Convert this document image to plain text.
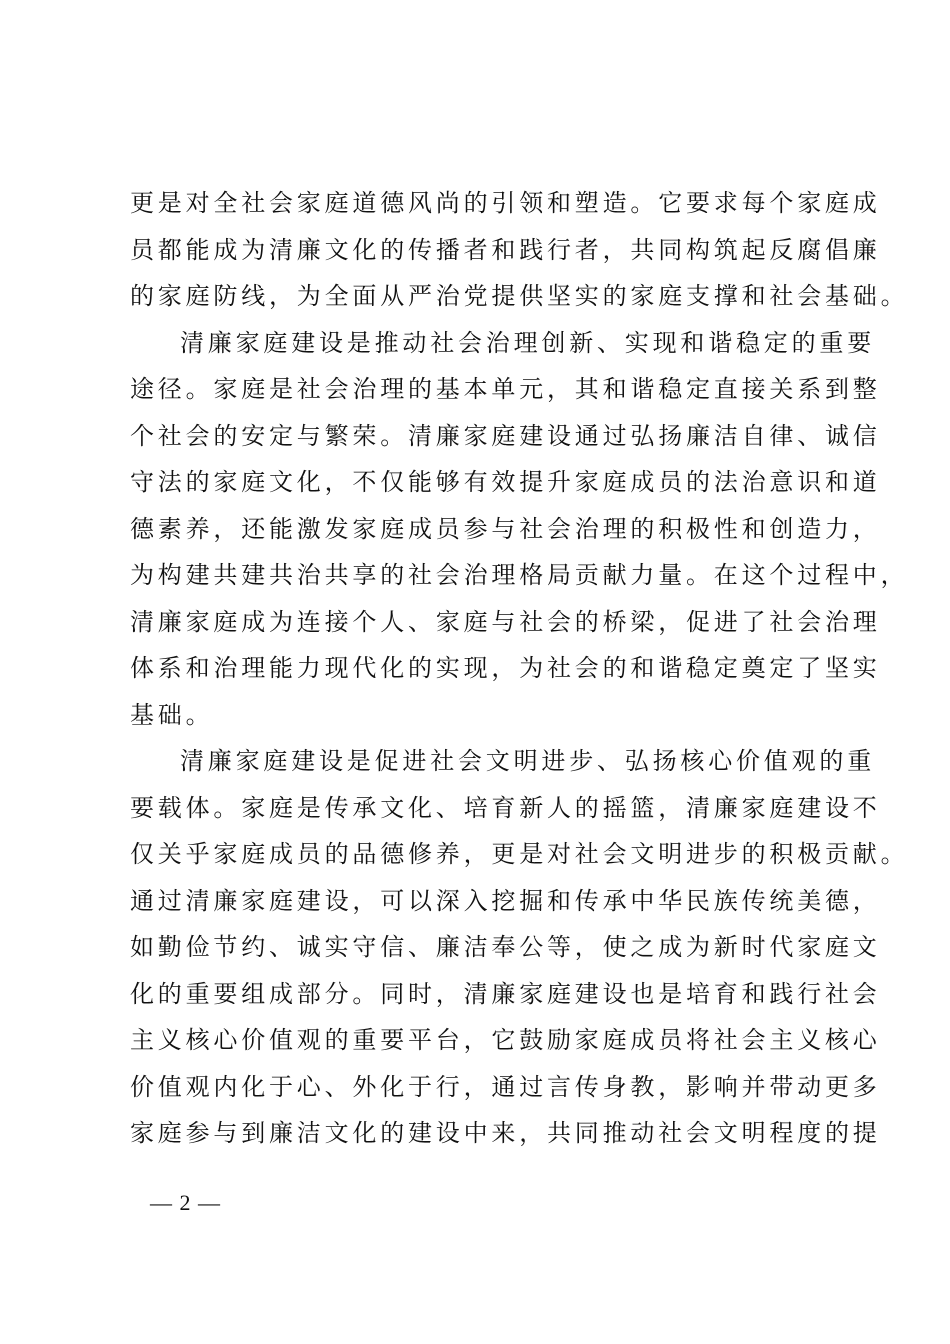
更是对全社会家庭道德风尚的引领和塑造。它要求每个家庭成
员都能成为清廉文化的传播者和践行者，共同构筑起反腐倡廉
的家庭防线，为全面从严治党提供坚实的家庭支撑和社会基础。
清廉家庭建设是推动社会治理创新、实现和谐稳定的重要
途径。家庭是社会治理的基本单元，其和谐稳定直接关系到整
个社会的安定与繁荣。清廉家庭建设通过弘扬廉洁自律、诚信
守法的家庭文化，不仅能够有效提升家庭成员的法治意识和道
德素养，还能激发家庭成员参与社会治理的积极性和创造力，
为构建共建共治共享的社会治理格局贡献力量。在这个过程中，
清廉家庭成为连接个人、家庭与社会的桥梁，促进了社会治理
体系和治理能力现代化的实现，为社会的和谐稳定奠定了坚实
基础。
清廉家庭建设是促进社会文明进步、弘扬核心价值观的重
要载体。家庭是传承文化、培育新人的摇篮，清廉家庭建设不
仅关乎家庭成员的品德修养，更是对社会文明进步的积极贡献。
通过清廉家庭建设，可以深入挖掘和传承中华民族传统美德，
如勤俭节约、诚实守信、廉洁奉公等，使之成为新时代家庭文
化的重要组成部分。同时，清廉家庭建设也是培育和践行社会
主义核心价值观的重要平台，它鼓励家庭成员将社会主义核心
价值观内化于心、外化于行，通过言传身教，影响并带动更多
家庭参与到廉洁文化的建设中来，共同推动社会文明程度的提
— 2 —
